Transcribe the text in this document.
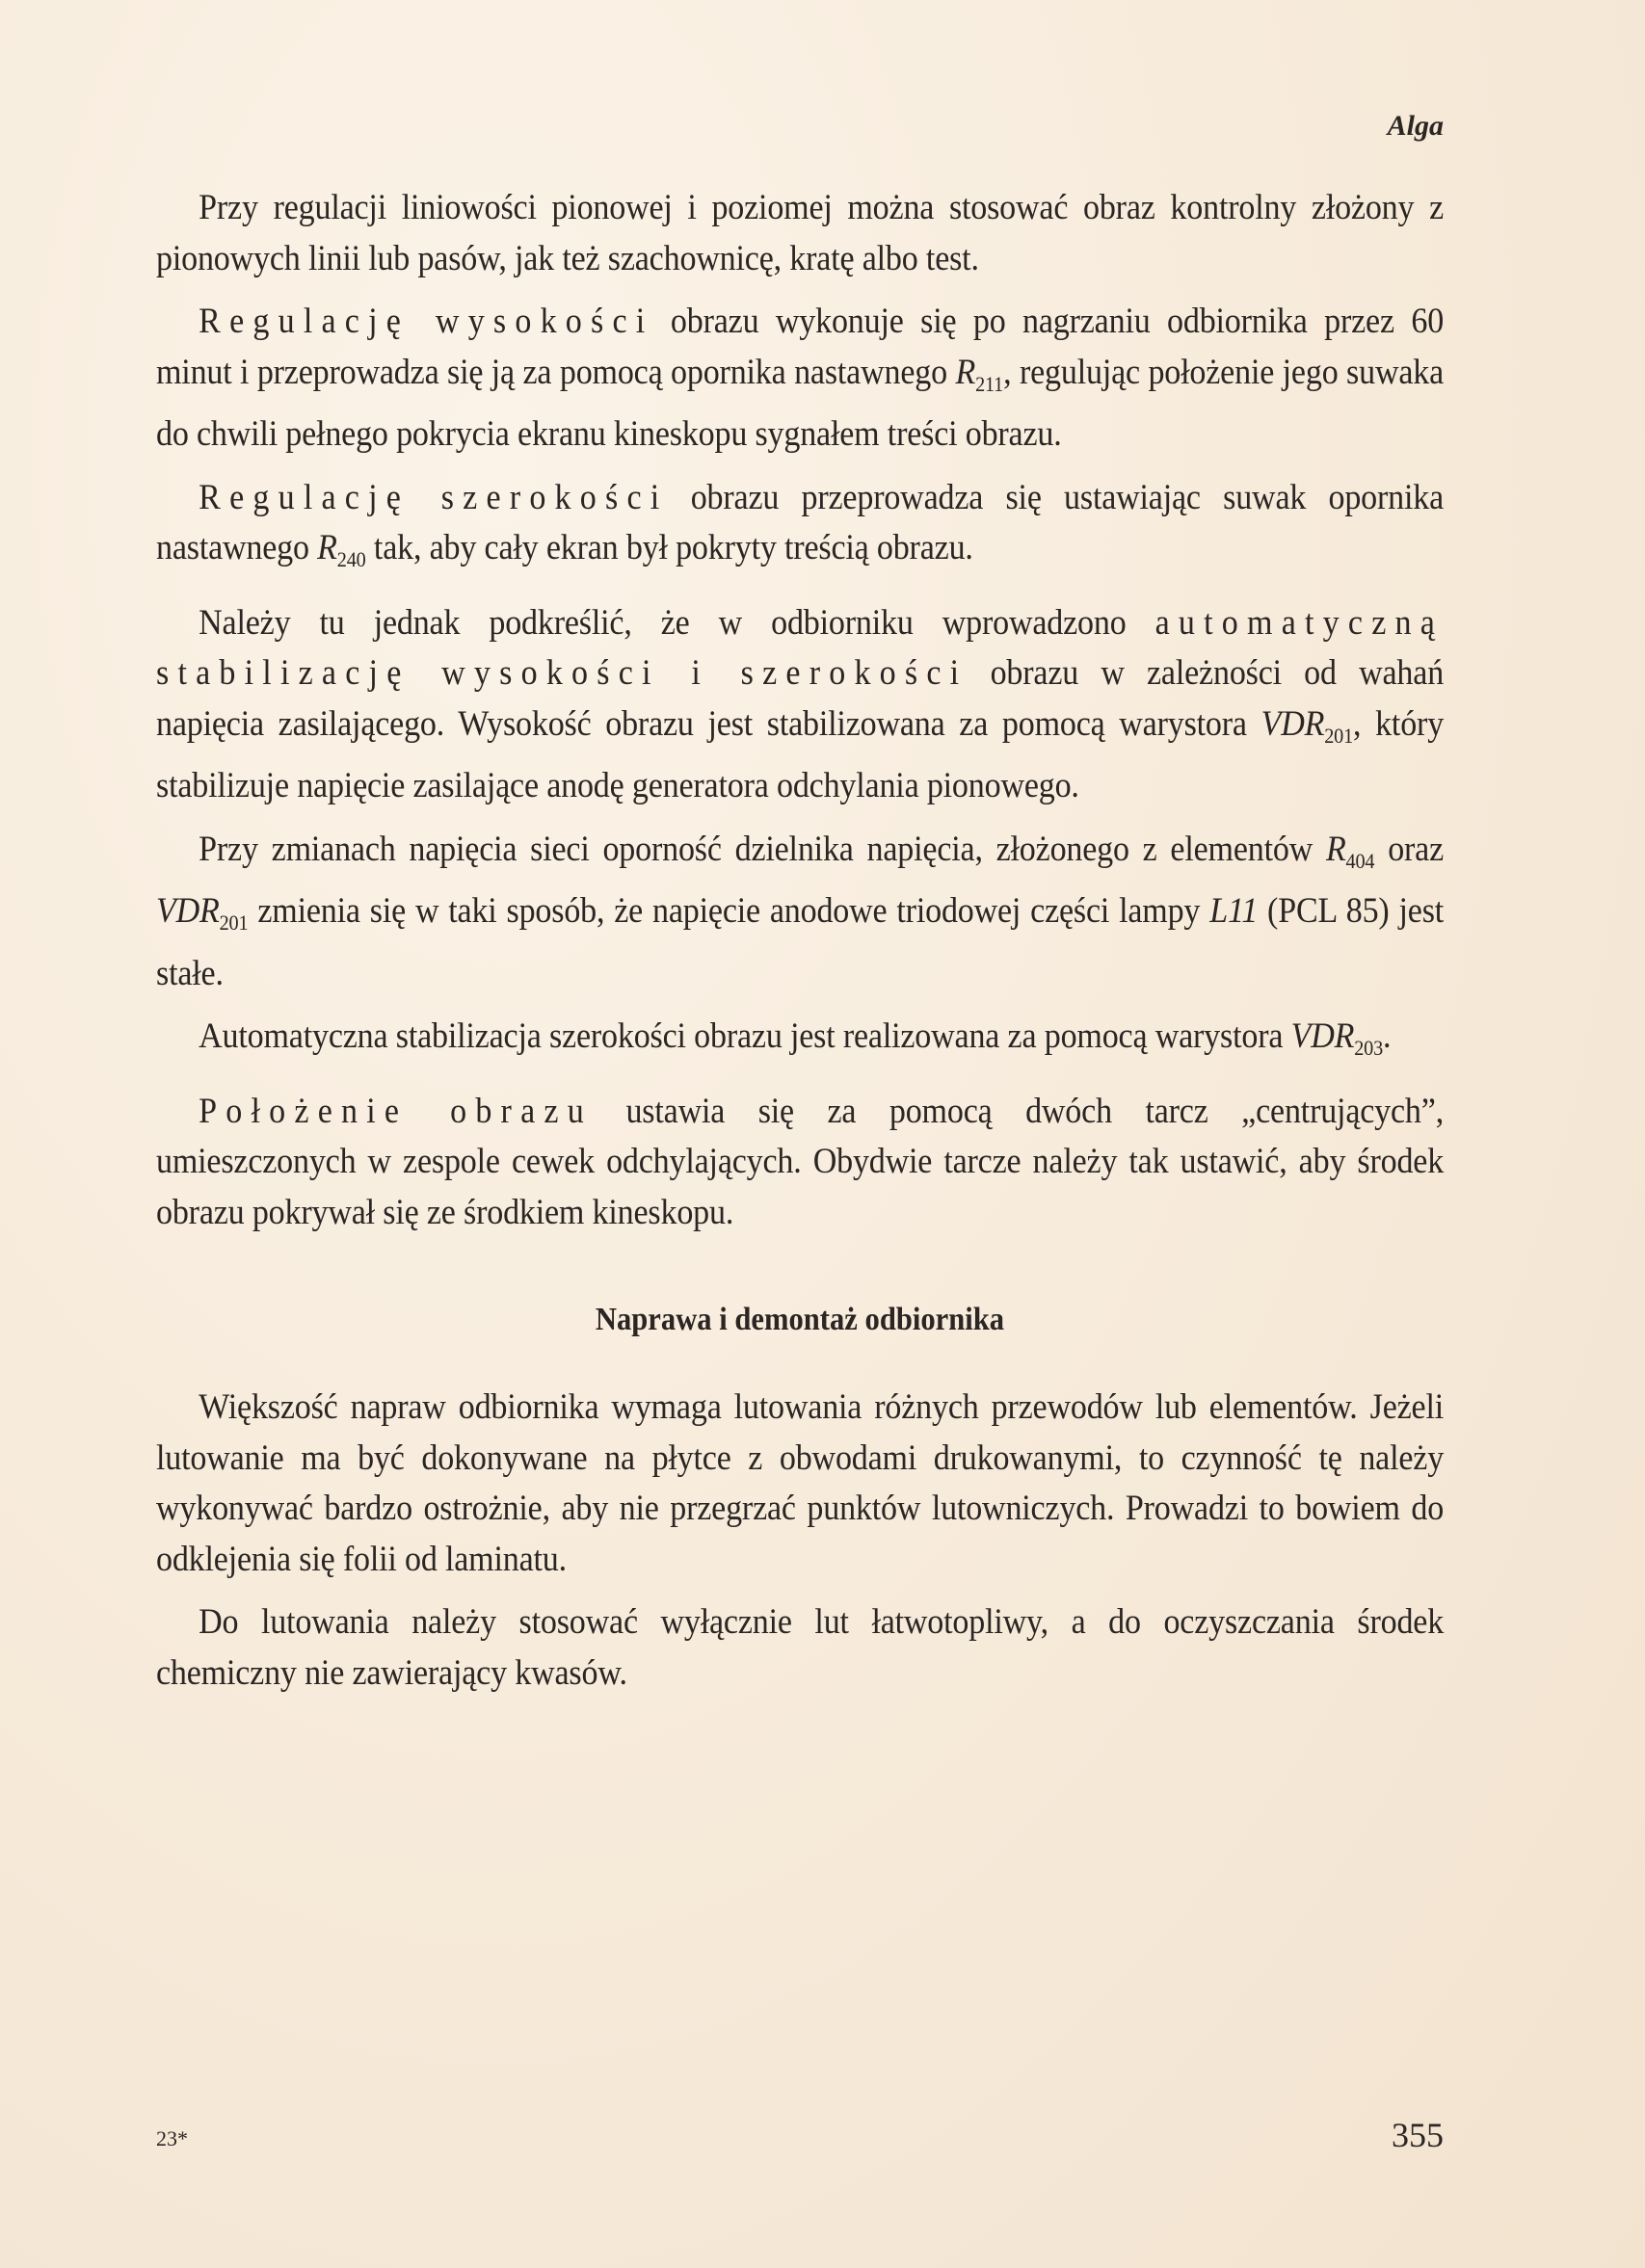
Alga

Przy regulacji liniowości pionowej i poziomej można stosować obraz kontrolny złożony z pionowych linii lub pasów, jak też szachownicę, kratę albo test.

Regulację wysokości obrazu wykonuje się po nagrzaniu odbiornika przez 60 minut i przeprowadza się ją za pomocą opornika nastawnego $R_{211}$, regulując położenie jego suwaka do chwili pełnego pokrycia ekranu kineskopu sygnałem treści obrazu.

Regulację szerokości obrazu przeprowadza się ustawiając suwak opornika nastawnego $R_{240}$ tak, aby cały ekran był pokryty treścią obrazu.

Należy tu jednak podkreślić, że w odbiorniku wprowadzono automatyczną stabilizację wysokości i szerokości obrazu w zależności od wahań napięcia zasilającego. Wysokość obrazu jest stabilizowana za pomocą warystora $VDR_{201}$, który stabilizuje napięcie zasilające anodę generatora odchylania pionowego.

Przy zmianach napięcia sieci oporność dzielnika napięcia, złożonego z elementów $R_{404}$ oraz $VDR_{201}$ zmienia się w taki sposób, że napięcie anodowe triodowej części lampy L11 (PCL 85) jest stałe.

Automatyczna stabilizacja szerokości obrazu jest realizowana za pomocą warystora $VDR_{203}$.

Położenie obrazu ustawia się za pomocą dwóch tarcz „centrujących”, umieszczonych w zespole cewek odchylających. Obydwie tarcze należy tak ustawić, aby środek obrazu pokrywał się ze środkiem kineskopu.

Naprawa i demontaż odbiornika

Większość napraw odbiornika wymaga lutowania różnych przewodów lub elementów. Jeżeli lutowanie ma być dokonywane na płytce z obwodami drukowanymi, to czynność tę należy wykonywać bardzo ostrożnie, aby nie przegrzać punktów lutowniczych. Prowadzi to bowiem do odklejenia się folii od laminatu.

Do lutowania należy stosować wyłącznie lut łatwotopliwy, a do oczyszczania środek chemiczny nie zawierający kwasów.

23*	355
